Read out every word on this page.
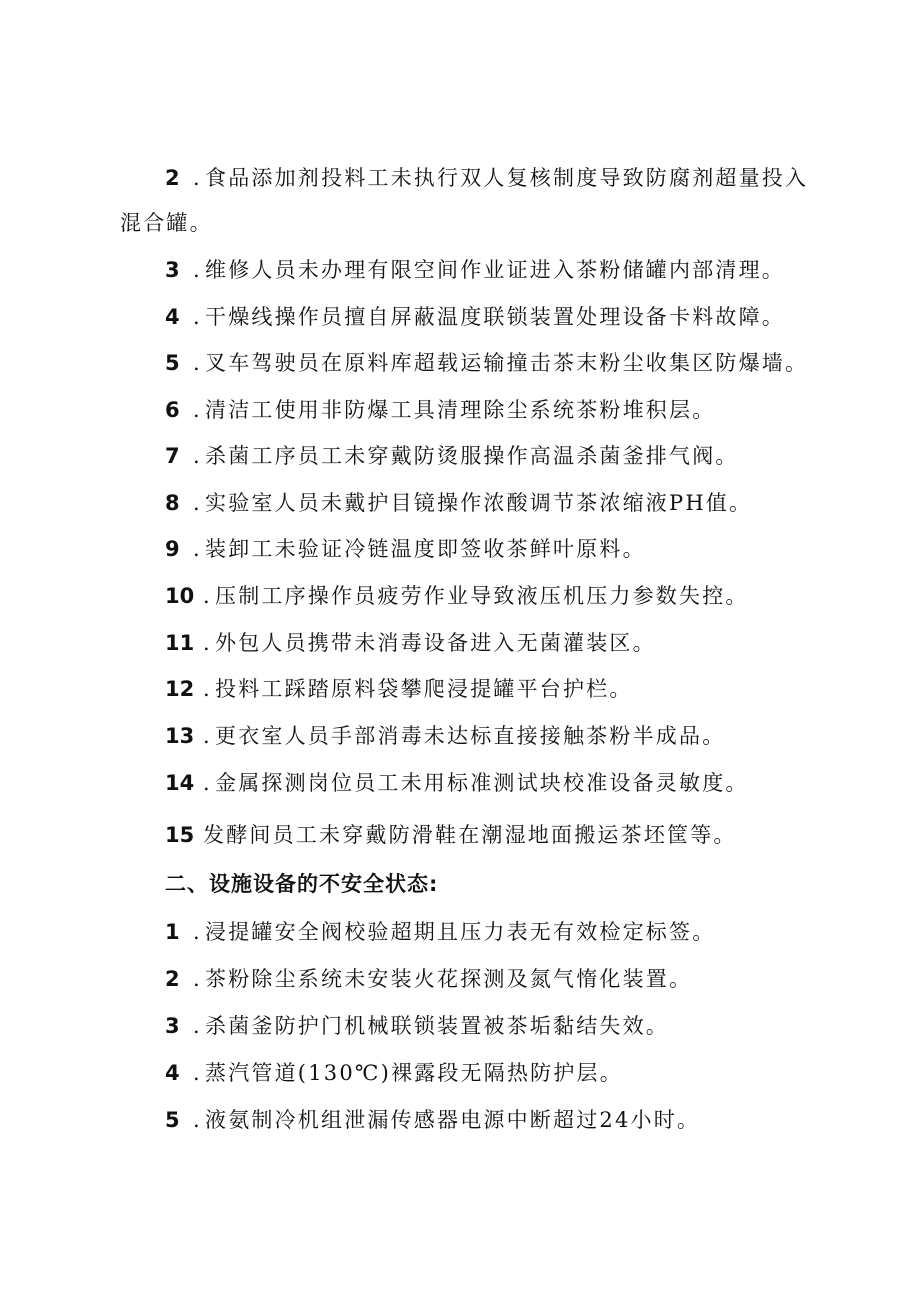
2 . 食品添加剂投料工未执行双人复核制度导致防腐剂超量投入
混合罐。
3 . 维修人员未办理有限空间作业证进入茶粉储罐内部清理。
4 . 干燥线操作员擅自屏蔽温度联锁装置处理设备卡料故障。
5 . 叉车驾驶员在原料库超载运输撞击茶末粉尘收集区防爆墙。
6 . 清洁工使用非防爆工具清理除尘系统茶粉堆积层。
7 . 杀菌工序员工未穿戴防烫服操作高温杀菌釜排气阀。
8 . 实验室人员未戴护目镜操作浓酸调节茶浓缩液PH值。
9 . 装卸工未验证冷链温度即签收茶鲜叶原料。
10 . 压制工序操作员疲劳作业导致液压机压力参数失控。
11 . 外包人员携带未消毒设备进入无菌灌装区。
12 . 投料工踩踏原料袋攀爬浸提罐平台护栏。
13 . 更衣室人员手部消毒未达标直接接触茶粉半成品。
14 . 金属探测岗位员工未用标准测试块校准设备灵敏度。
15 发酵间员工未穿戴防滑鞋在潮湿地面搬运茶坯筐等。
二、设施设备的不安全状态:
1 . 浸提罐安全阀校验超期且压力表无有效检定标签。
2 . 茶粉除尘系统未安装火花探测及氮气惰化装置。
3 . 杀菌釜防护门机械联锁装置被茶垢黏结失效。
4 . 蒸汽管道(130℃)裸露段无隔热防护层。
5 . 液氨制冷机组泄漏传感器电源中断超过24小时。
